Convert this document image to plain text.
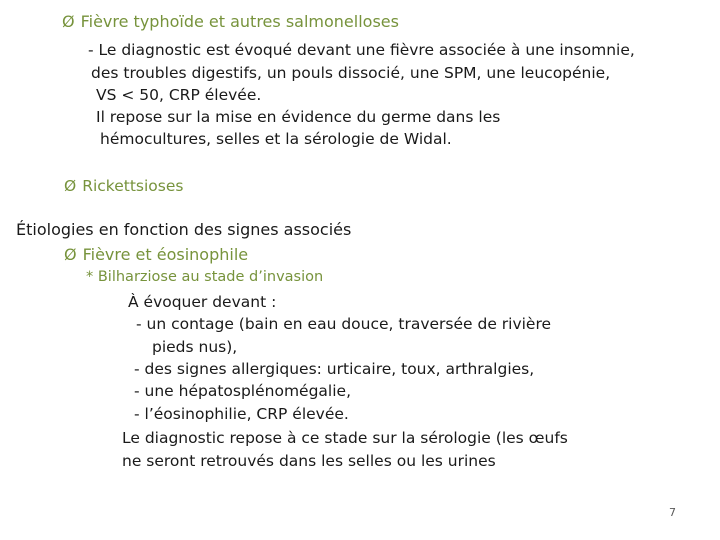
Ø Fièvre typhoïde et autres salmonelloses
- Le diagnostic est évoqué devant une fièvre associée à une insomnie,
des troubles digestifs, un pouls dissocié, une SPM, une leucopénie,
VS < 50, CRP élevée.
Il repose sur la mise en évidence du germe dans les
hémocultures, selles et la sérologie de Widal.
Ø Rickettsioses
Étiologies en fonction des signes associés
Ø Fièvre et éosinophile
* Bilharziose au stade d’invasion
À évoquer devant :
- un contage (bain en eau douce, traversée de rivière
pieds nus),
- des signes allergiques: urticaire, toux, arthralgies,
- une hépatosplénomégalie,
- l’éosinophilie, CRP élevée.
Le diagnostic repose à ce stade sur la sérologie (les œufs
ne seront retrouvés dans les selles ou les urines
7
